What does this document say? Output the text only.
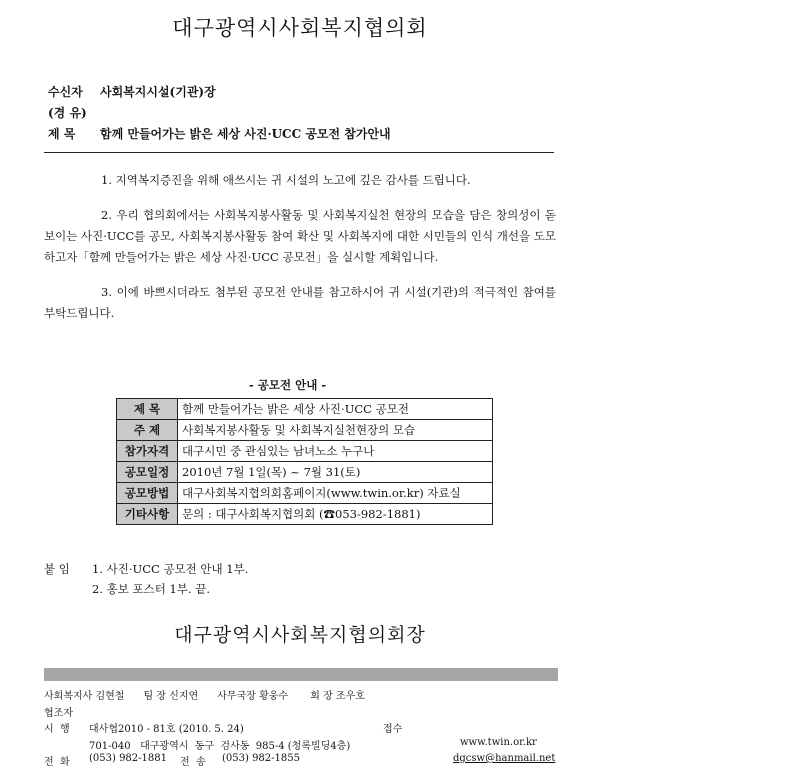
대구광역시사회복지협의회
수신자 사회복지시설(기관)장
(경 유)
제 목 함께 만들어가는 밝은 세상 사진·UCC 공모전 참가안내

1. 지역복지증진을 위해 애쓰시는 귀 시설의 노고에 깊은 감사를 드립니다.

2. 우리 협의회에서는 사회복지봉사활동 및 사회복지실천 현장의 모습을 담은 창의성이 돋보이는 사진·UCC를 공모, 사회복지봉사활동 참여 확산 및 사회복지에 대한 시민들의 인식 개선을 도모하고자「함께 만들어가는 밝은 세상 사진·UCC 공모전」을 실시할 계획입니다.

3. 이에 바쁘시더라도 첨부된 공모전 안내를 참고하시어 귀 시설(기관)의 적극적인 참여를 부탁드립니다.

- 공모전 안내 -
제 목	함께 만들어가는 밝은 세상 사진·UCC 공모전
주 제	사회복지봉사활동 및 사회복지실천현장의 모습
참가자격	대구시민 중 관심있는 남녀노소 누구나
공모일정	2010년 7월 1일(목) ~ 7월 31(토)
공모방법	대구사회복지협의회홈페이지(www.twin.or.kr) 자료실
기타사항	문의 : 대구사회복지협의회 (☎053-982-1881)
붙 임 1. 사진·UCC 공모전 안내 1부.
2. 홍보 포스터 1부. 끝.
대구광역시사회복지협의회장
사회복지사 김현철      팀 장 신지연      사무국장 황웅수       회 장 조우호
협조자
시  행 대사협2010 - 81호 (2010. 5. 24)	접수
701-040   대구광역시  동구  검사동  985-4 (청록빌딩4층)	www.twin.or.kr
전  화 (053) 982-1881 전  송 (053) 982-1855	dgcsw@hanmail.net
